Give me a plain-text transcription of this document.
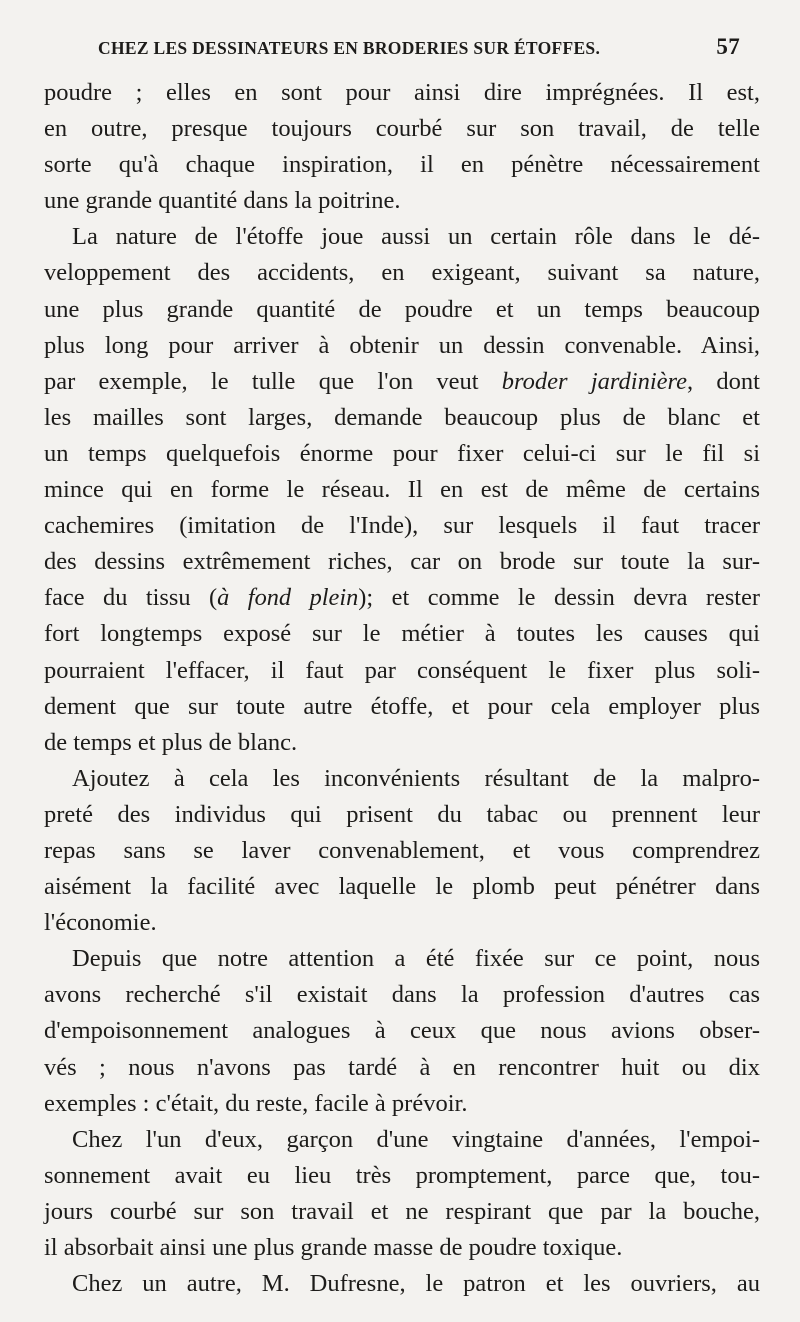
CHEZ LES DESSINATEURS EN BRODERIES SUR ÉTOFFES.	57
poudre ; elles en sont pour ainsi dire imprégnées. Il est,
en outre, presque toujours courbé sur son travail, de telle
sorte qu'à chaque inspiration, il en pénètre nécessairement
une grande quantité dans la poitrine.
La nature de l'étoffe joue aussi un certain rôle dans le dé-
veloppement des accidents, en exigeant, suivant sa nature,
une plus grande quantité de poudre et un temps beaucoup
plus long pour arriver à obtenir un dessin convenable. Ainsi,
par exemple, le tulle que l'on veut broder jardinière, dont
les mailles sont larges, demande beaucoup plus de blanc et
un temps quelquefois énorme pour fixer celui-ci sur le fil si
mince qui en forme le réseau. Il en est de même de certains
cachemires (imitation de l'Inde), sur lesquels il faut tracer
des dessins extrêmement riches, car on brode sur toute la sur-
face du tissu (à fond plein); et comme le dessin devra rester
fort longtemps exposé sur le métier à toutes les causes qui
pourraient l'effacer, il faut par conséquent le fixer plus soli-
dement que sur toute autre étoffe, et pour cela employer plus
de temps et plus de blanc.
Ajoutez à cela les inconvénients résultant de la malpro-
preté des individus qui prisent du tabac ou prennent leur
repas sans se laver convenablement, et vous comprendrez
aisément la facilité avec laquelle le plomb peut pénétrer dans
l'économie.
Depuis que notre attention a été fixée sur ce point, nous
avons recherché s'il existait dans la profession d'autres cas
d'empoisonnement analogues à ceux que nous avions obser-
vés ; nous n'avons pas tardé à en rencontrer huit ou dix
exemples : c'était, du reste, facile à prévoir.
Chez l'un d'eux, garçon d'une vingtaine d'années, l'empoi-
sonnement avait eu lieu très promptement, parce que, tou-
jours courbé sur son travail et ne respirant que par la bouche,
il absorbait ainsi une plus grande masse de poudre toxique.
Chez un autre, M. Dufresne, le patron et les ouvriers, au
